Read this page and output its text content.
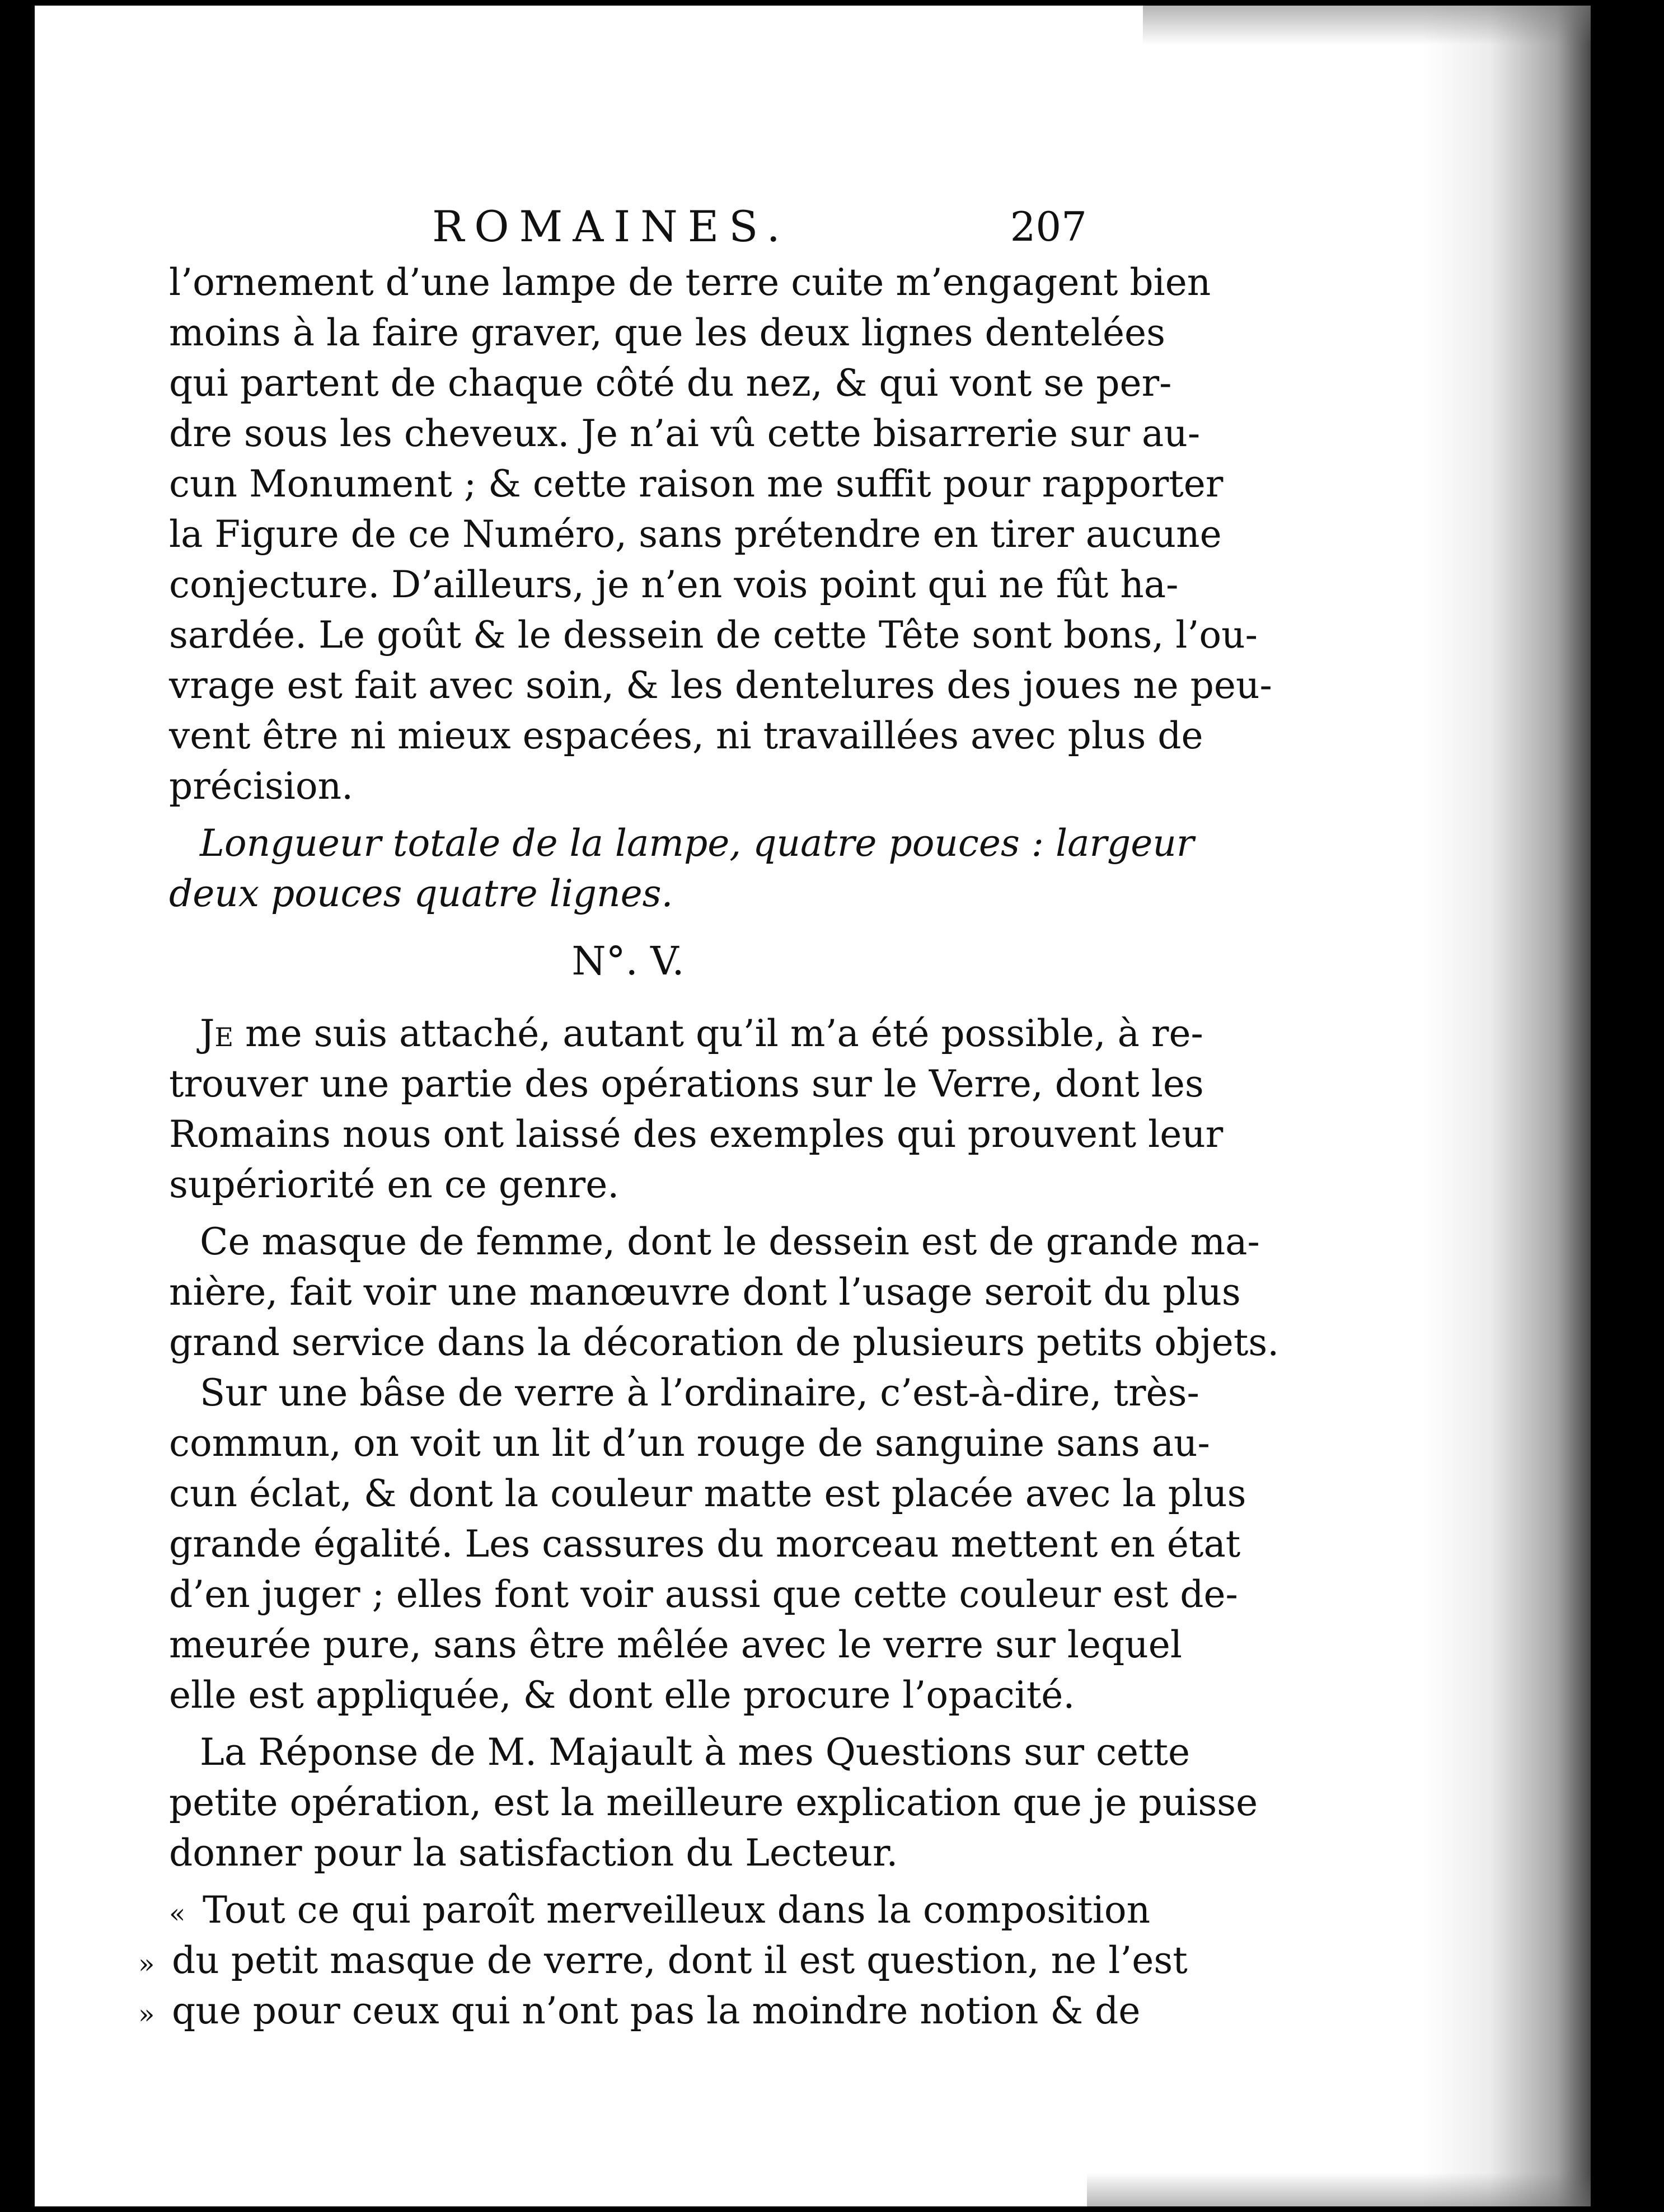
ROMAINES.	207
l’ornement d’une lampe de terre cuite m’engagent bien
moins à la faire graver, que les deux lignes dentelées
qui partent de chaque côté du nez, & qui vont se per-
dre sous les cheveux. Je n’ai vû cette bisarrerie sur au-
cun Monument ; & cette raison me suffit pour rapporter
la Figure de ce Numéro, sans prétendre en tirer aucune
conjecture. D’ailleurs, je n’en vois point qui ne fût ha-
sardée. Le goût & le dessein de cette Tête sont bons, l’ou-
vrage est fait avec soin, & les dentelures des joues ne peu-
vent être ni mieux espacées, ni travaillées avec plus de
précision.
Longueur totale de la lampe, quatre pouces : largeur
deux pouces quatre lignes.
N°. V.
Je me suis attaché, autant qu’il m’a été possible, à re-
trouver une partie des opérations sur le Verre, dont les
Romains nous ont laissé des exemples qui prouvent leur
supériorité en ce genre.
Ce masque de femme, dont le dessein est de grande ma-
nière, fait voir une manœuvre dont l’usage seroit du plus
grand service dans la décoration de plusieurs petits objets.
Sur une bâse de verre à l’ordinaire, c’est-à-dire, très-
commun, on voit un lit d’un rouge de sanguine sans au-
cun éclat, & dont la couleur matte est placée avec la plus
grande égalité. Les cassures du morceau mettent en état
d’en juger ; elles font voir aussi que cette couleur est de-
meurée pure, sans être mêlée avec le verre sur lequel
elle est appliquée, & dont elle procure l’opacité.
La Réponse de M. Majault à mes Questions sur cette
petite opération, est la meilleure explication que je puisse
donner pour la satisfaction du Lecteur.
« Tout ce qui paroît merveilleux dans la composition
» du petit masque de verre, dont il est question, ne l’est
» que pour ceux qui n’ont pas la moindre notion & de
